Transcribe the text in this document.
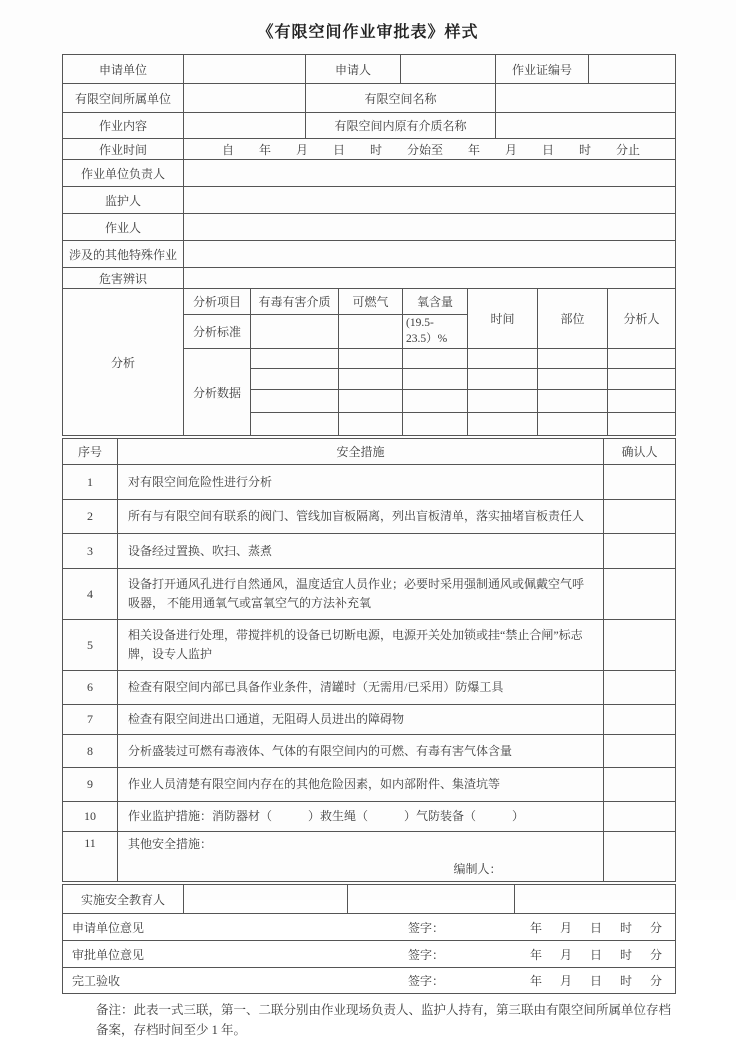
《有限空间作业审批表》样式
申请单位		申请人		作业证编号	
有限空间所属单位		有限空间名称			
作业内容		有限空间内原有介质名称			
作业时间	自 年 月 日 时 分始至 年 月 日 时 分止				
作业单位负责人					
监护人					
作业人					
涉及的其他特殊作业					
危害辨识					
分析	分析项目	有毒有害介质	可燃气	氧含量	时间	部位	分析人
	分析标准			(19.5-23.5）%			
	分析数据						

序号	安全措施	确认人
1	对有限空间危险性进行分析	
2	所有与有限空间有联系的阀门、管线加盲板隔离，列出盲板清单，落实抽堵盲板责任人	
3	设备经过置换、吹扫、蒸煮	
4	设备打开通风孔进行自然通风，温度适宜人员作业；必要时采用强制通风或佩戴空气呼吸器， 不能用通氧气或富氧空气的方法补充氧	
5	相关设备进行处理，带搅拌机的设备已切断电源，电源开关处加锁或挂“禁止合闸”标志牌，设专人监护	
6	检查有限空间内部已具备作业条件，清罐时（无需用/已采用）防爆工具	
7	检查有限空间进出口通道，无阻碍人员进出的障碍物	
8	分析盛装过可燃有毒液体、气体的有限空间内的可燃、有毒有害气体含量	
9	作业人员清楚有限空间内存在的其他危险因素，如内部附件、集渣坑等	
10	作业监护措施：消防器材（　　　）救生绳（　　　）气防装备（　　　）	
11	其他安全措施：
编制人：	

实施安全教育人			

申请单位意见	签字：	年 月 日 时 分

审批单位意见	签字：	年 月 日 时 分

完工验收	签字：	年 月 日 时 分
备注：此表一式三联，第一、二联分别由作业现场负责人、监护人持有，第三联由有限空间所属单位存档
备案，存档时间至少 1 年。
